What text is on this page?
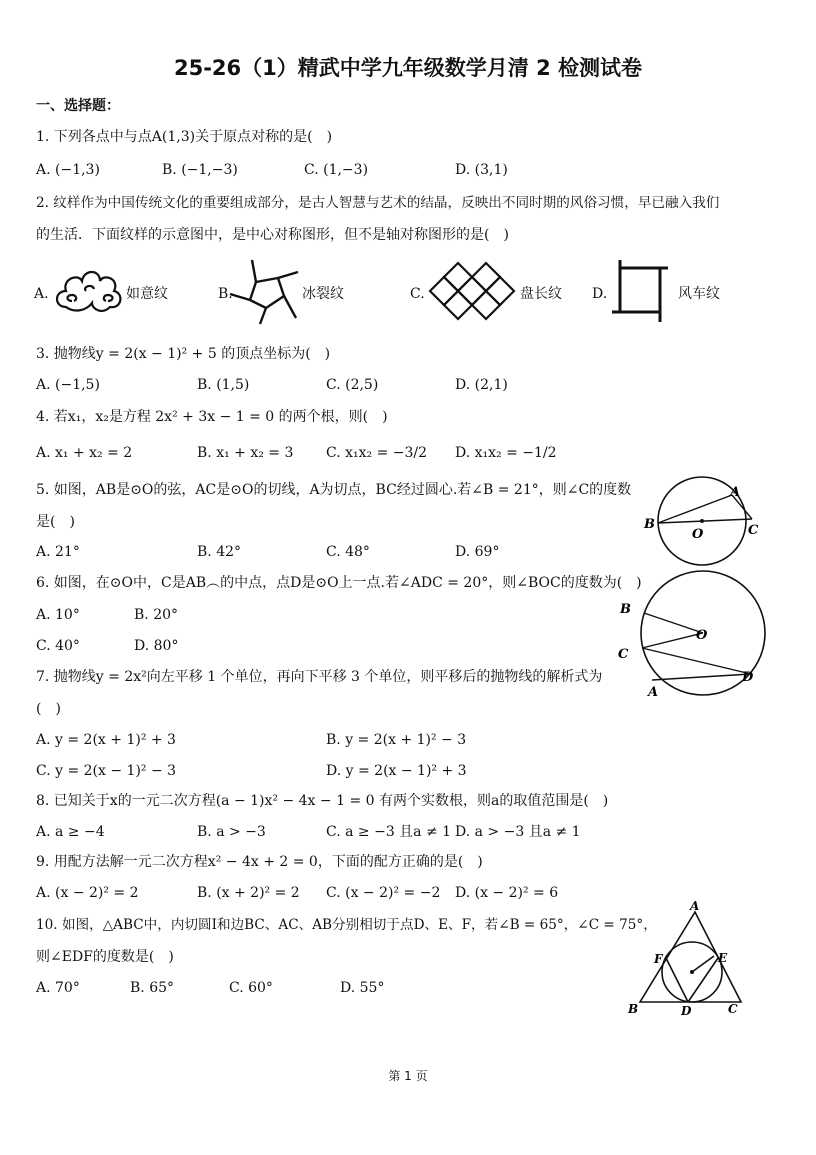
25-26（1）精武中学九年级数学月清 2 检测试卷
一、选择题：
1. 下列各点中与点A(1,3)关于原点对称的是(　)
A. (−1,3)	B. (−1,−3)	C. (1,−3)	D. (3,1)
2. 纹样作为中国传统文化的重要组成部分，是古人智慧与艺术的结晶，反映出不同时期的风俗习惯，早已融入我们
的生活．下面纹样的示意图中，是中心对称图形，但不是轴对称图形的是(　)
A.	如意纹	B.	冰裂纹	C.	盘长纹 D.	风车纹
3. 抛物线y = 2(x − 1)² + 5 的顶点坐标为(　)
A. (−1,5)	B. (1,5)	C. (2,5)	D. (2,1)
4. 若x₁，x₂是方程 2x² + 3x − 1 = 0 的两个根，则(　)
A. x₁ + x₂ = 2	B. x₁ + x₂ = 3 C. x₁x₂ = −3/2 D. x₁x₂ = −1/2
5. 如图，AB是⊙O的弦，AC是⊙O的切线，A为切点，BC经过圆心.若∠B = 21°，则∠C的度数
是(　)
A. 21°	B. 42°	C. 48°	D. 69°
B
A
C
O
6. 如图，在⊙O中，C是AB︵的中点，点D是⊙O上一点.若∠ADC = 20°，则∠BOC的度数为(　)
A. 10°	B. 20°
C. 40°	D. 80°
B
O
C
D
A
7. 抛物线y = 2x²向左平移 1 个单位，再向下平移 3 个单位，则平移后的抛物线的解析式为
(　)
A. y = 2(x + 1)² + 3	B. y = 2(x + 1)² − 3
C. y = 2(x − 1)² − 3	D. y = 2(x − 1)² + 3
8. 已知关于x的一元二次方程(a − 1)x² − 4x − 1 = 0 有两个实数根，则a的取值范围是(　)
A. a ≥ −4	B. a > −3	C. a ≥ −3 且a ≠ 1 D. a > −3 且a ≠ 1
9. 用配方法解一元二次方程x² − 4x + 2 = 0，下面的配方正确的是(　)
A. (x − 2)² = 2	B. (x + 2)² = 2 C. (x − 2)² = −2 D. (x − 2)² = 6
10. 如图，△ABC中，内切圆I和边BC、AC、AB分别相切于点D、E、F，若∠B = 65°，∠C = 75°，
则∠EDF的度数是(　)
A. 70°	B. 65°	C. 60°	D. 55°
A
B	C
D
E
F
第 1 页
